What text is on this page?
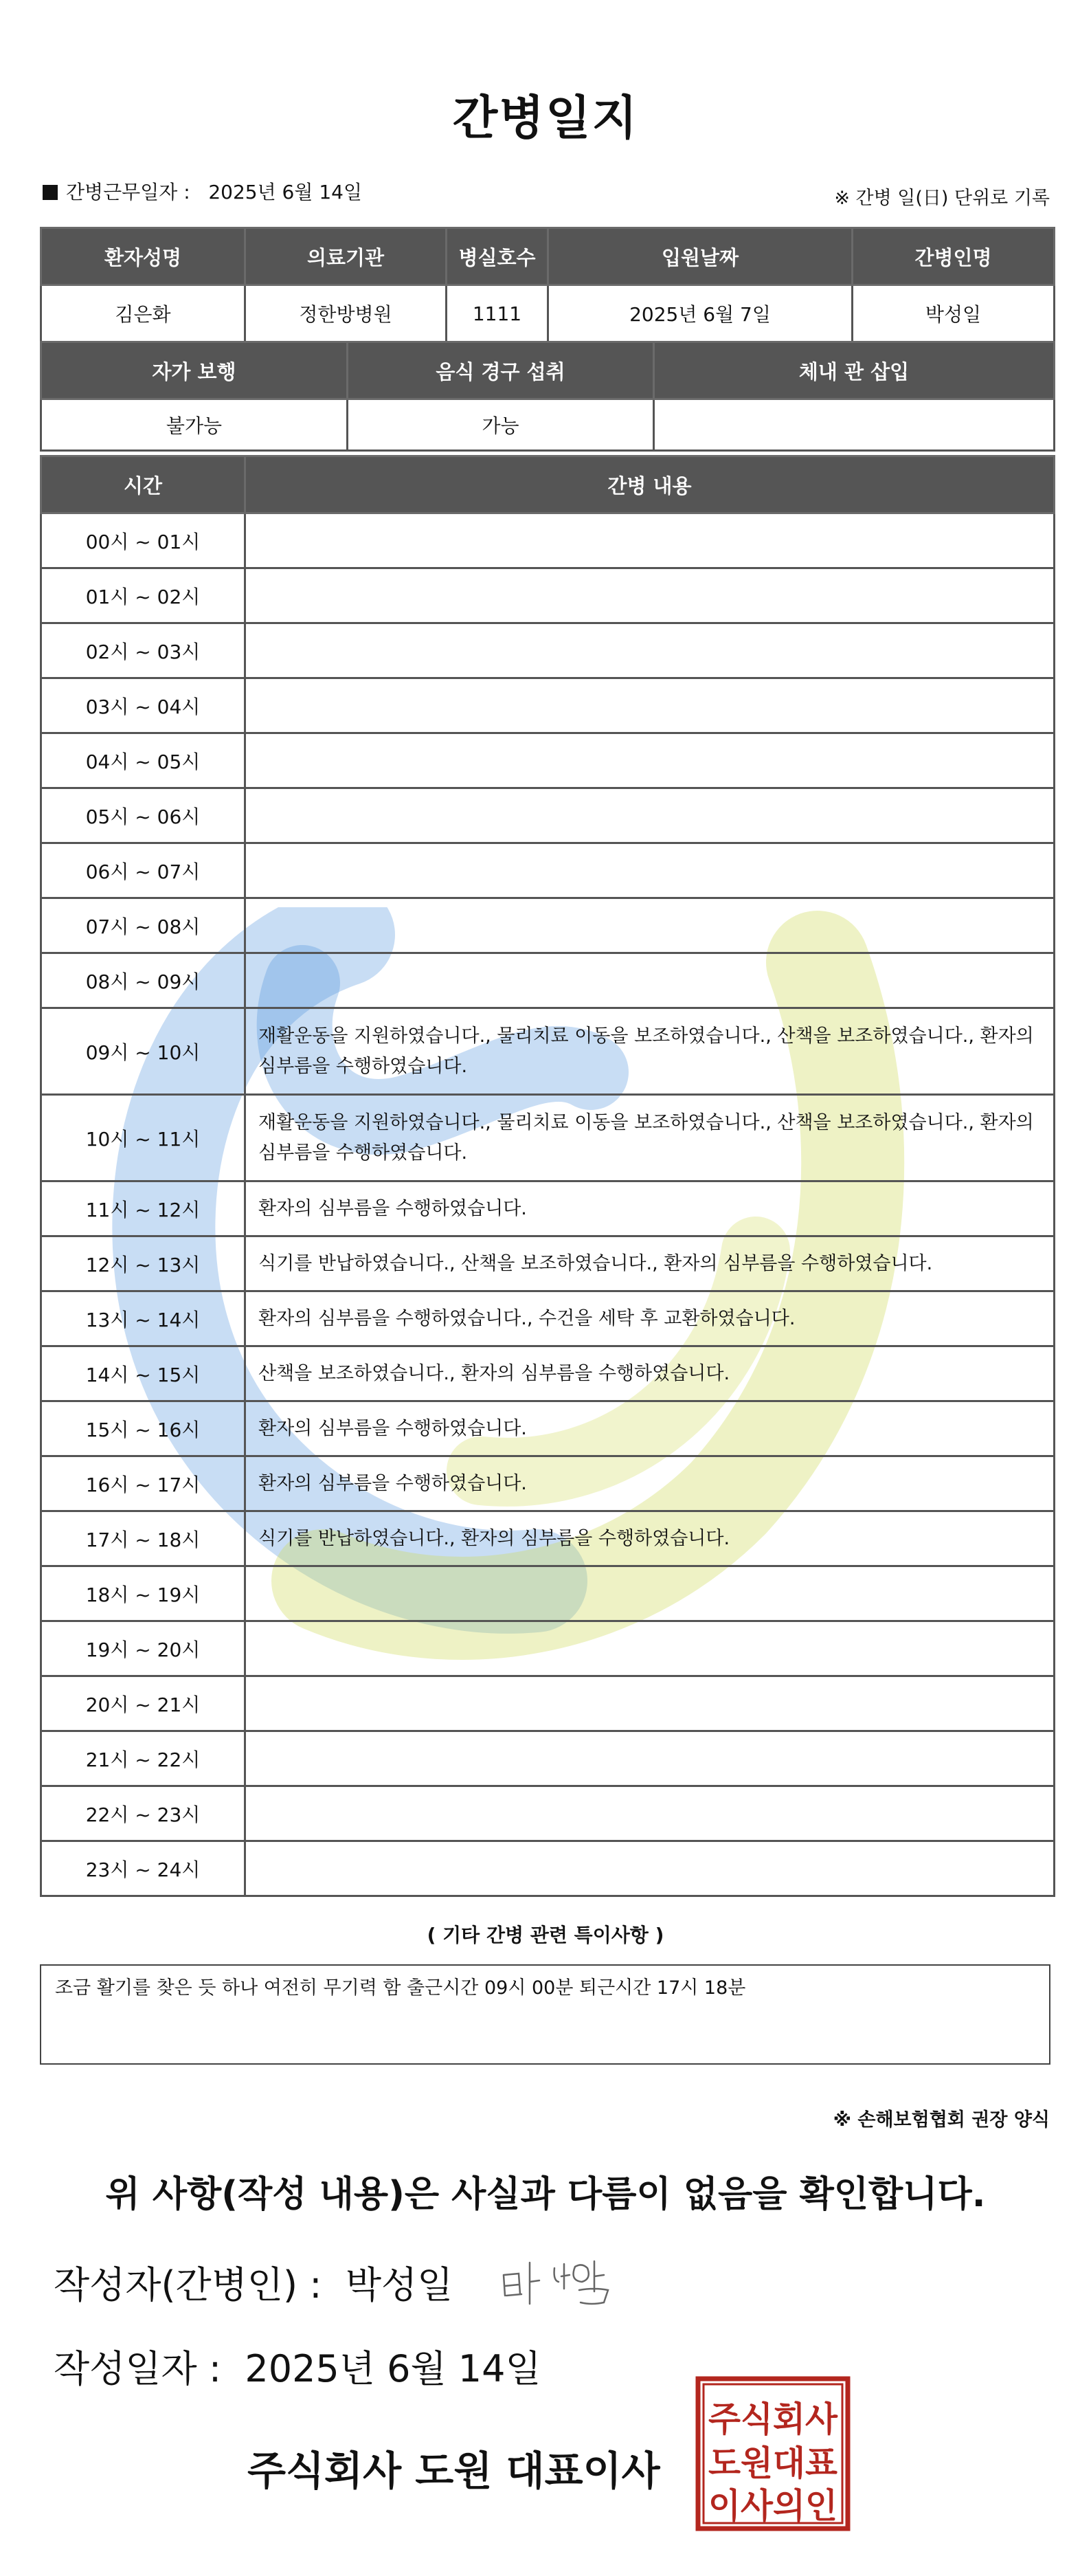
간병일지
간병근무일자 :   2025년 6월 14일	※ 간병 일(日) 단위로 기록
환자성명	의료기관	병실호수	입원날짜	간병인명
김은화	정한방병원	1111	2025년 6월 7일	박성일
자가 보행	음식 경구 섭취	체내 관 삽입
불가능	가능	
시간	간병 내용
00시 ~ 01시	
01시 ~ 02시	
02시 ~ 03시	
03시 ~ 04시	
04시 ~ 05시	
05시 ~ 06시	
06시 ~ 07시	
07시 ~ 08시	
08시 ~ 09시	
09시 ~ 10시	재활운동을 지원하였습니다., 물리치료 이동을 보조하였습니다., 산책을 보조하였습니다., 환자의 심부름을 수행하였습니다.
10시 ~ 11시	재활운동을 지원하였습니다., 물리치료 이동을 보조하였습니다., 산책을 보조하였습니다., 환자의 심부름을 수행하였습니다.
11시 ~ 12시	환자의 심부름을 수행하였습니다.
12시 ~ 13시	식기를 반납하였습니다., 산책을 보조하였습니다., 환자의 심부름을 수행하였습니다.
13시 ~ 14시	환자의 심부름을 수행하였습니다., 수건을 세탁 후 교환하였습니다.
14시 ~ 15시	산책을 보조하였습니다., 환자의 심부름을 수행하였습니다.
15시 ~ 16시	환자의 심부름을 수행하였습니다.
16시 ~ 17시	환자의 심부름을 수행하였습니다.
17시 ~ 18시	식기를 반납하였습니다., 환자의 심부름을 수행하였습니다.
18시 ~ 19시	
19시 ~ 20시	
20시 ~ 21시	
21시 ~ 22시	
22시 ~ 23시	
23시 ~ 24시	
( 기타 간병 관련 특이사항 )
조금 활기를 찾은 듯 하나 여전히 무기력 함 출근시간 09시 00분 퇴근시간 17시 18분
※ 손해보험협회 권장 양식
위 사항(작성 내용)은 사실과 다름이 없음을 확인합니다.
작성자(간병인) : 박성일
작성일자 : 2025년 6월 14일
주식회사 도원 대표이사
주식회사
도원대표
이사의인
